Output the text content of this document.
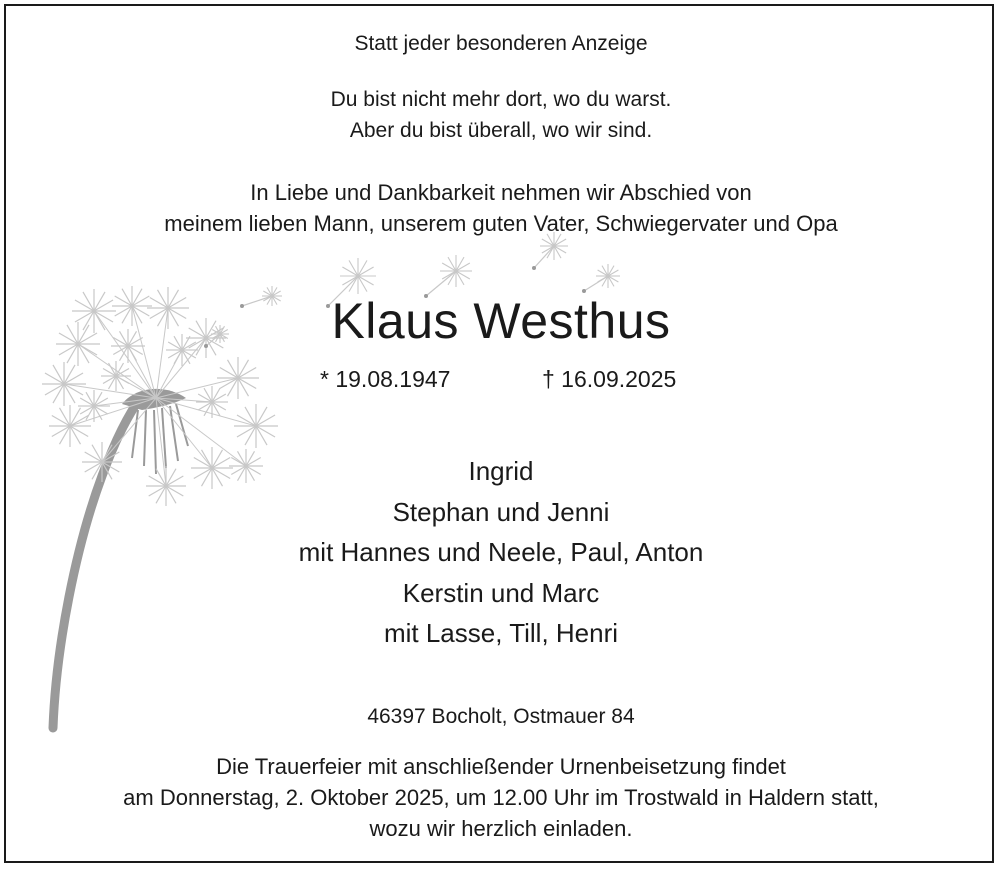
Statt jeder besonderen Anzeige
Du bist nicht mehr dort, wo du warst.
Aber du bist überall, wo wir sind.
In Liebe und Dankbarkeit nehmen wir Abschied von
meinem lieben Mann, unserem guten Vater, Schwiegervater und Opa
Klaus Westhus
* 19.08.1947	† 16.09.2025
Ingrid
Stephan und Jenni
mit Hannes und Neele, Paul, Anton
Kerstin und Marc
mit Lasse, Till, Henri
46397 Bocholt, Ostmauer 84
Die Trauerfeier mit anschließender Urnenbeisetzung findet
am Donnerstag, 2. Oktober 2025, um 12.00 Uhr im Trostwald in Haldern statt,
wozu wir herzlich einladen.
